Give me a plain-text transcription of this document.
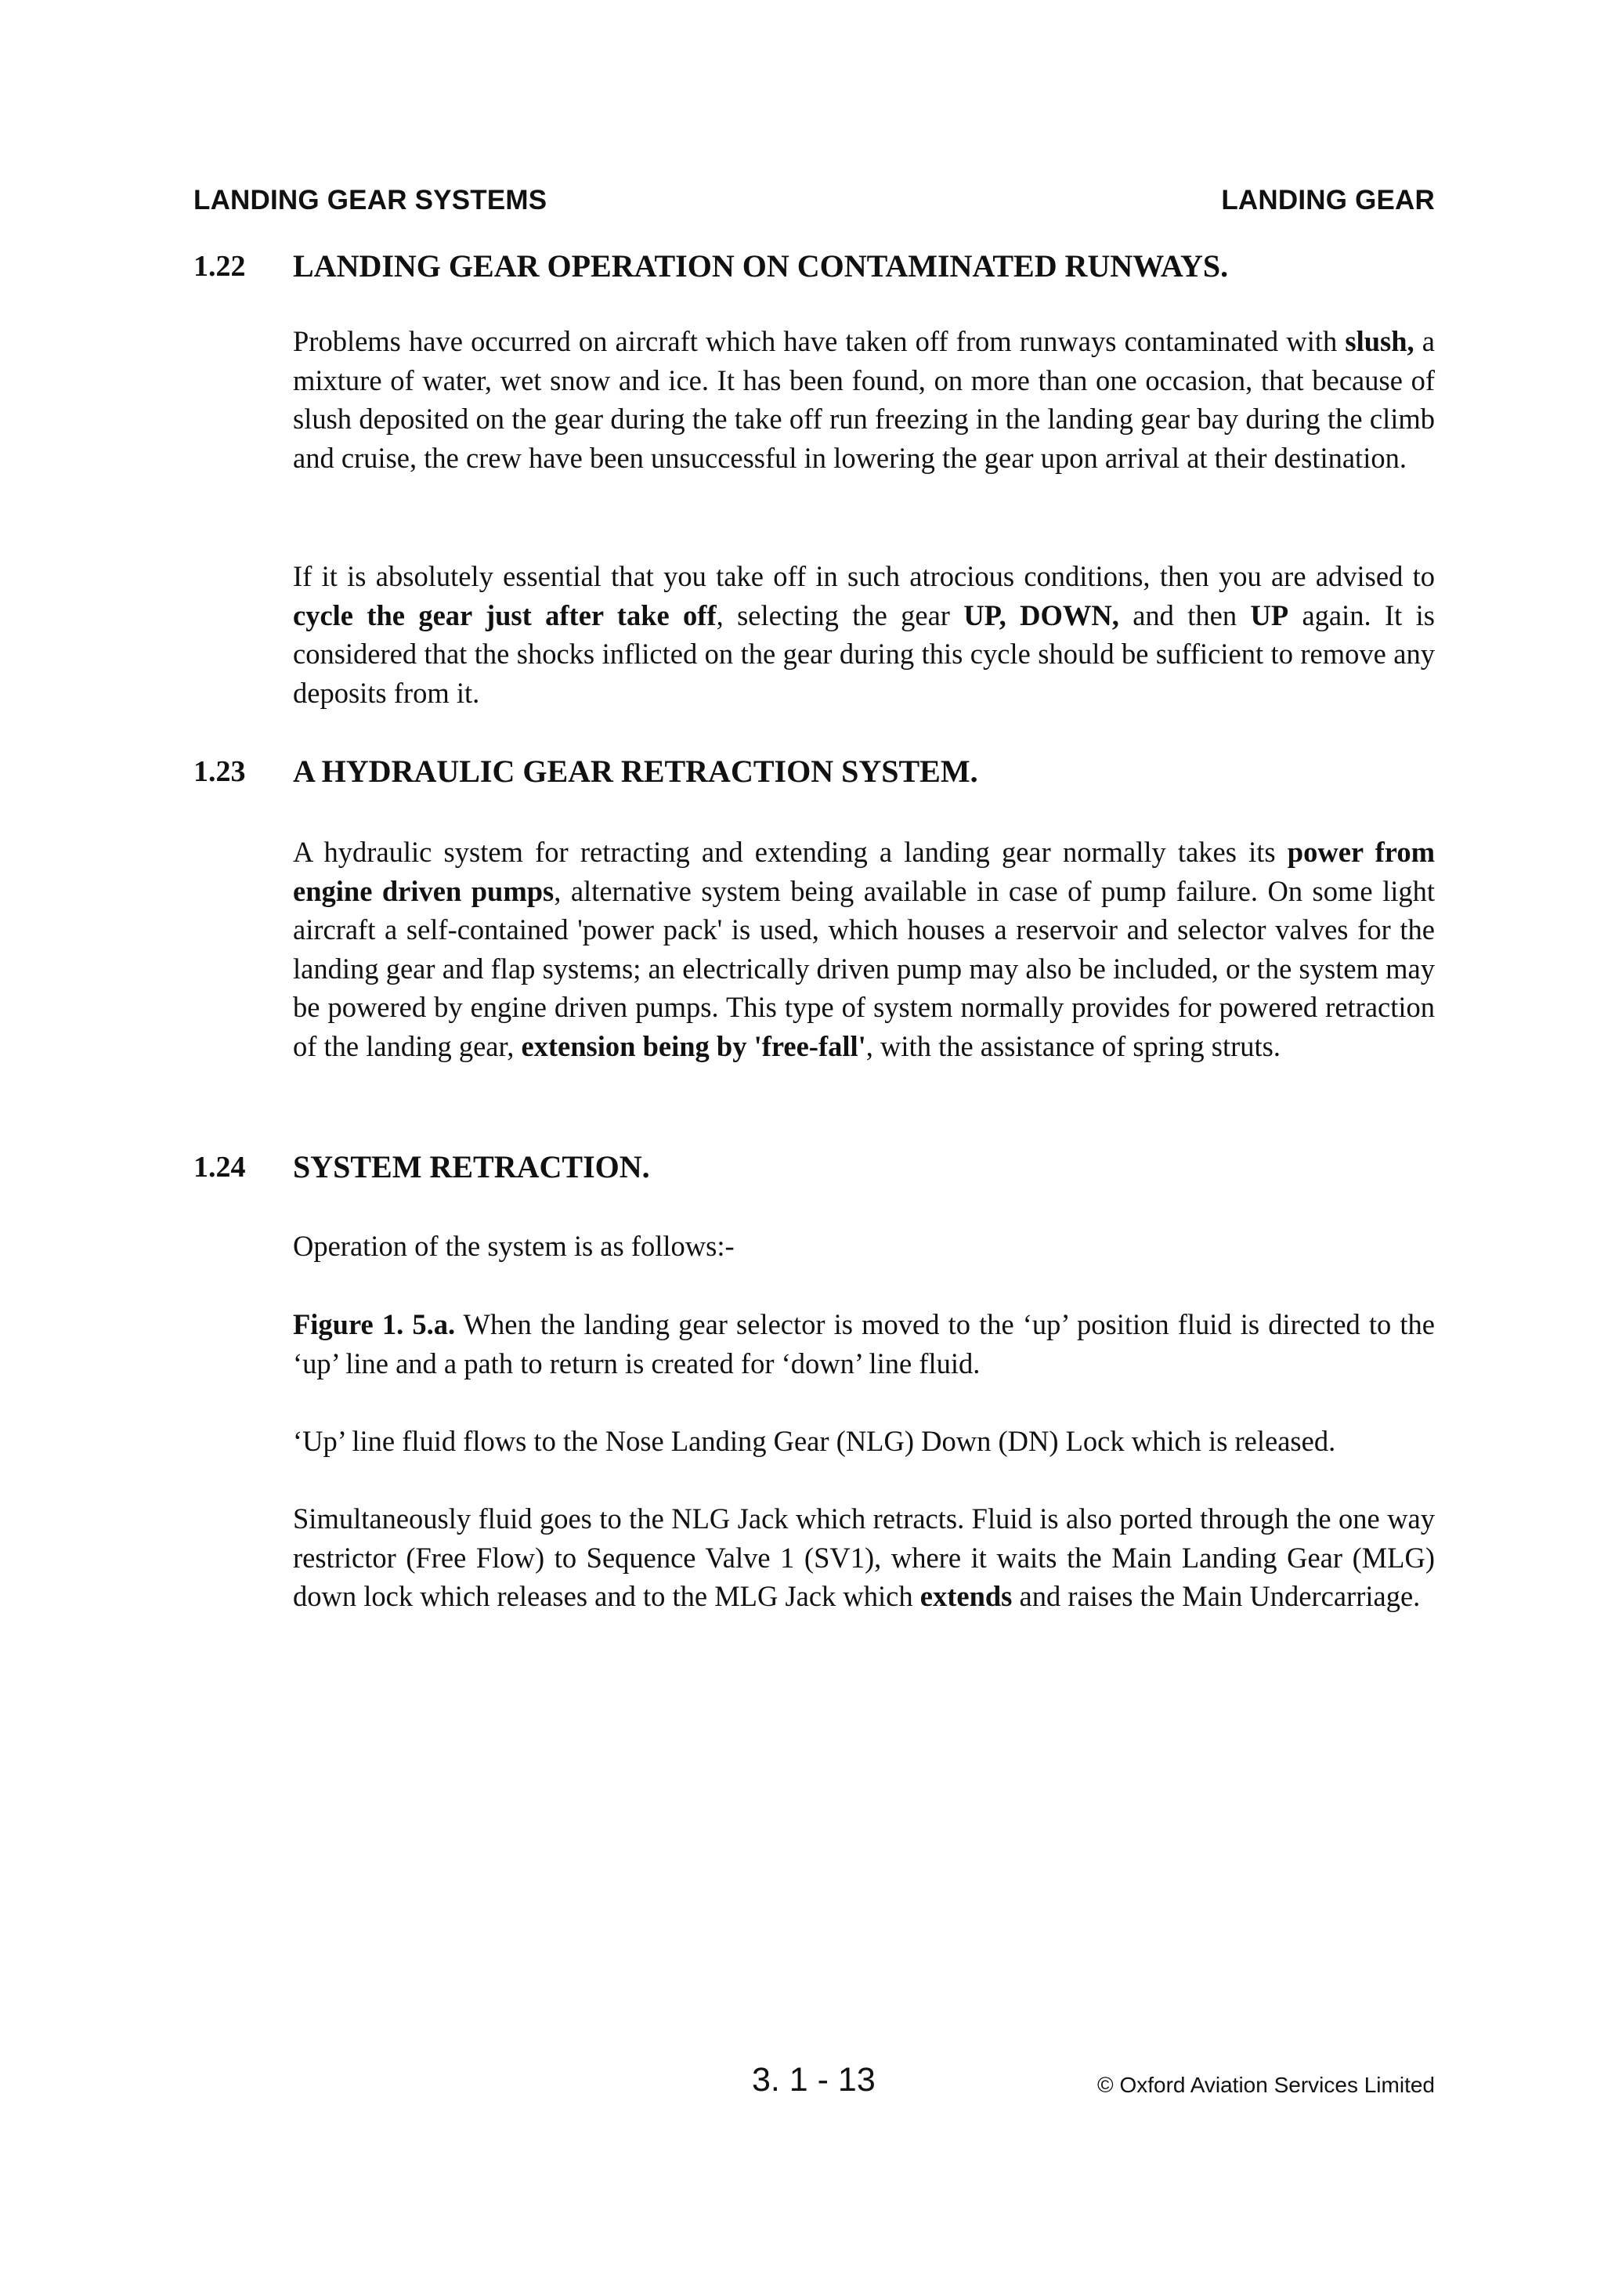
LANDING GEAR SYSTEMS	LANDING GEAR
1.22 LANDING GEAR OPERATION ON CONTAMINATED RUNWAYS.

Problems have occurred on aircraft which have taken off from runways contaminated with slush, a mixture of water, wet snow and ice. It has been found, on more than one occasion, that because of slush deposited on the gear during the take off run freezing in the landing gear bay during the climb and cruise, the crew have been unsuccessful in lowering the gear upon arrival at their destination.

If it is absolutely essential that you take off in such atrocious conditions, then you are advised to cycle the gear just after take off, selecting the gear UP, DOWN, and then UP again. It is considered that the shocks inflicted on the gear during this cycle should be sufficient to remove any deposits from it.

1.23 A HYDRAULIC GEAR RETRACTION SYSTEM.

A hydraulic system for retracting and extending a landing gear normally takes its power from engine driven pumps, alternative system being available in case of pump failure. On some light aircraft a self-contained 'power pack' is used, which houses a reservoir and selector valves for the landing gear and flap systems; an electrically driven pump may also be included, or the system may be powered by engine driven pumps. This type of system normally provides for powered retraction of the landing gear, extension being by 'free-fall', with the assistance of spring struts.

1.24 SYSTEM RETRACTION.

Operation of the system is as follows:-

Figure 1. 5.a. When the landing gear selector is moved to the ‘up’ position fluid is directed to the ‘up’ line and a path to return is created for ‘down’ line fluid.

‘Up’ line fluid flows to the Nose Landing Gear (NLG) Down (DN) Lock which is released.

Simultaneously fluid goes to the NLG Jack which retracts. Fluid is also ported through the one way restrictor (Free Flow) to Sequence Valve 1 (SV1), where it waits the Main Landing Gear (MLG) down lock which releases and to the MLG Jack which extends and raises the Main Undercarriage.

3. 1 - 13	© Oxford Aviation Services Limited
